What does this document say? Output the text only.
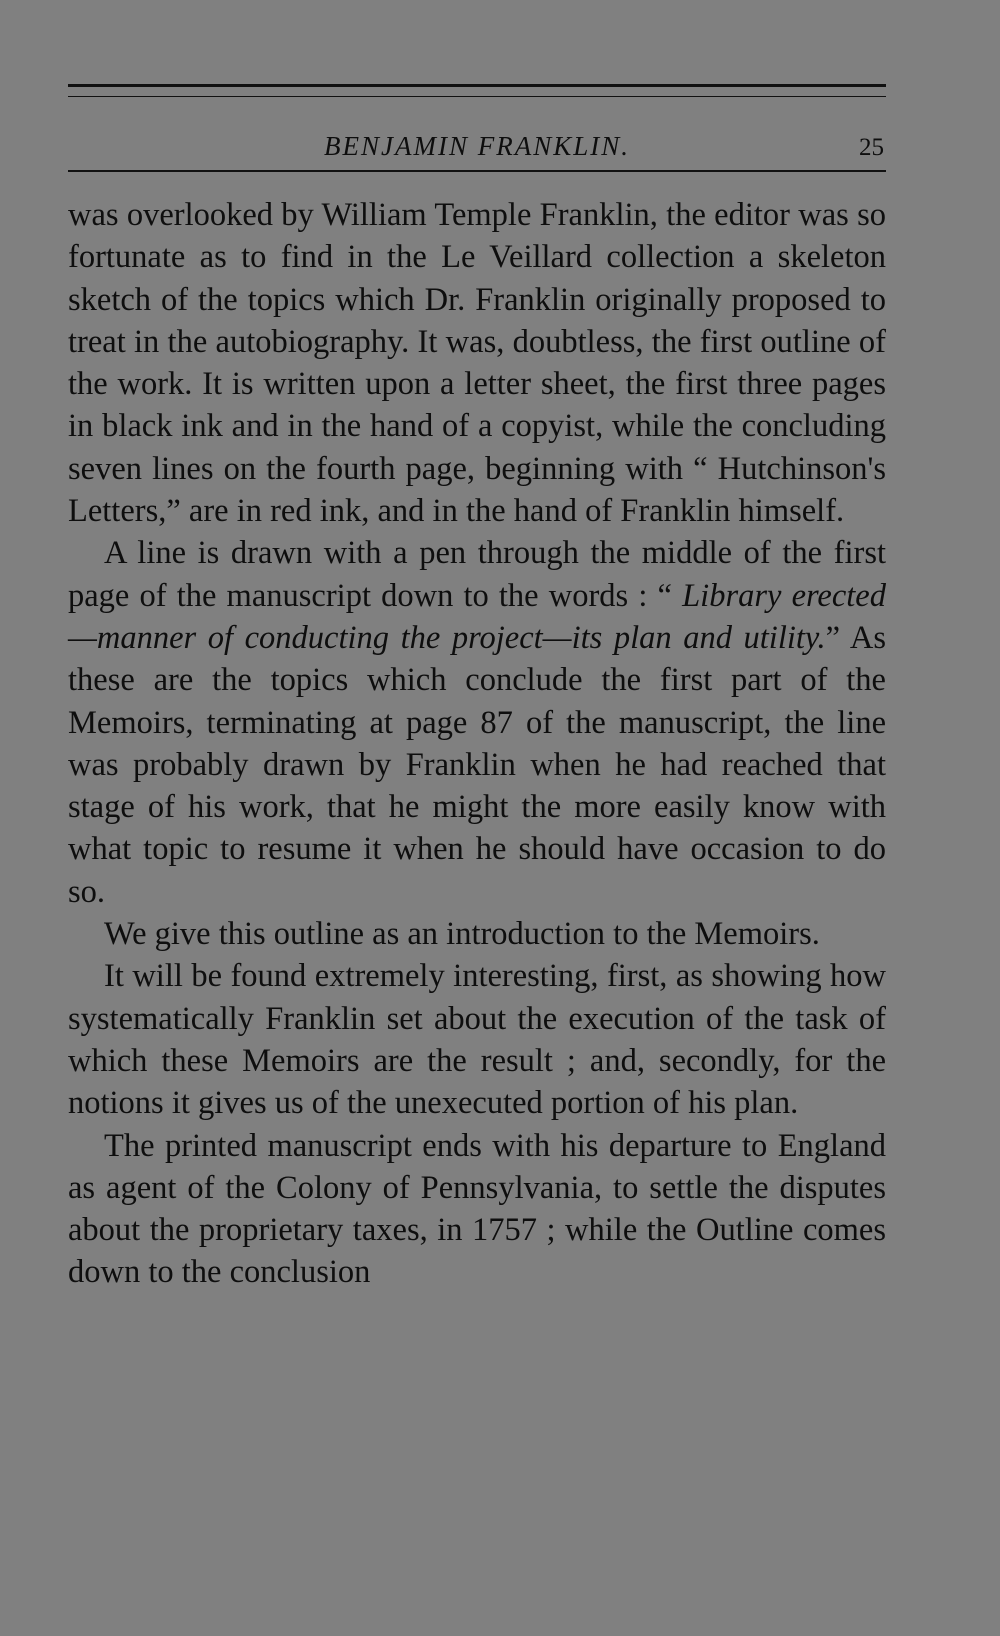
BENJAMIN FRANKLIN.	25

was overlooked by William Temple Franklin, the editor was so fortunate as to find in the Le Veillard collection a skeleton sketch of the topics which Dr. Franklin originally proposed to treat in the autobiography. It was, doubtless, the first outline of the work. It is written upon a letter sheet, the first three pages in black ink and in the hand of a copyist, while the concluding seven lines on the fourth page, beginning with “ Hutchinson's Letters,” are in red ink, and in the hand of Franklin himself.

A line is drawn with a pen through the middle of the first page of the manuscript down to the words : “ Library erected—manner of conducting the project—its plan and utility.” As these are the topics which conclude the first part of the Memoirs, terminating at page 87 of the manuscript, the line was probably drawn by Franklin when he had reached that stage of his work, that he might the more easily know with what topic to resume it when he should have occasion to do so.

We give this outline as an introduction to the Memoirs.

It will be found extremely interesting, first, as showing how systematically Franklin set about the execution of the task of which these Memoirs are the result ; and, secondly, for the notions it gives us of the unexecuted portion of his plan.

The printed manuscript ends with his departure to England as agent of the Colony of Pennsylvania, to settle the disputes about the proprietary taxes, in 1757 ; while the Outline comes down to the conclusion
